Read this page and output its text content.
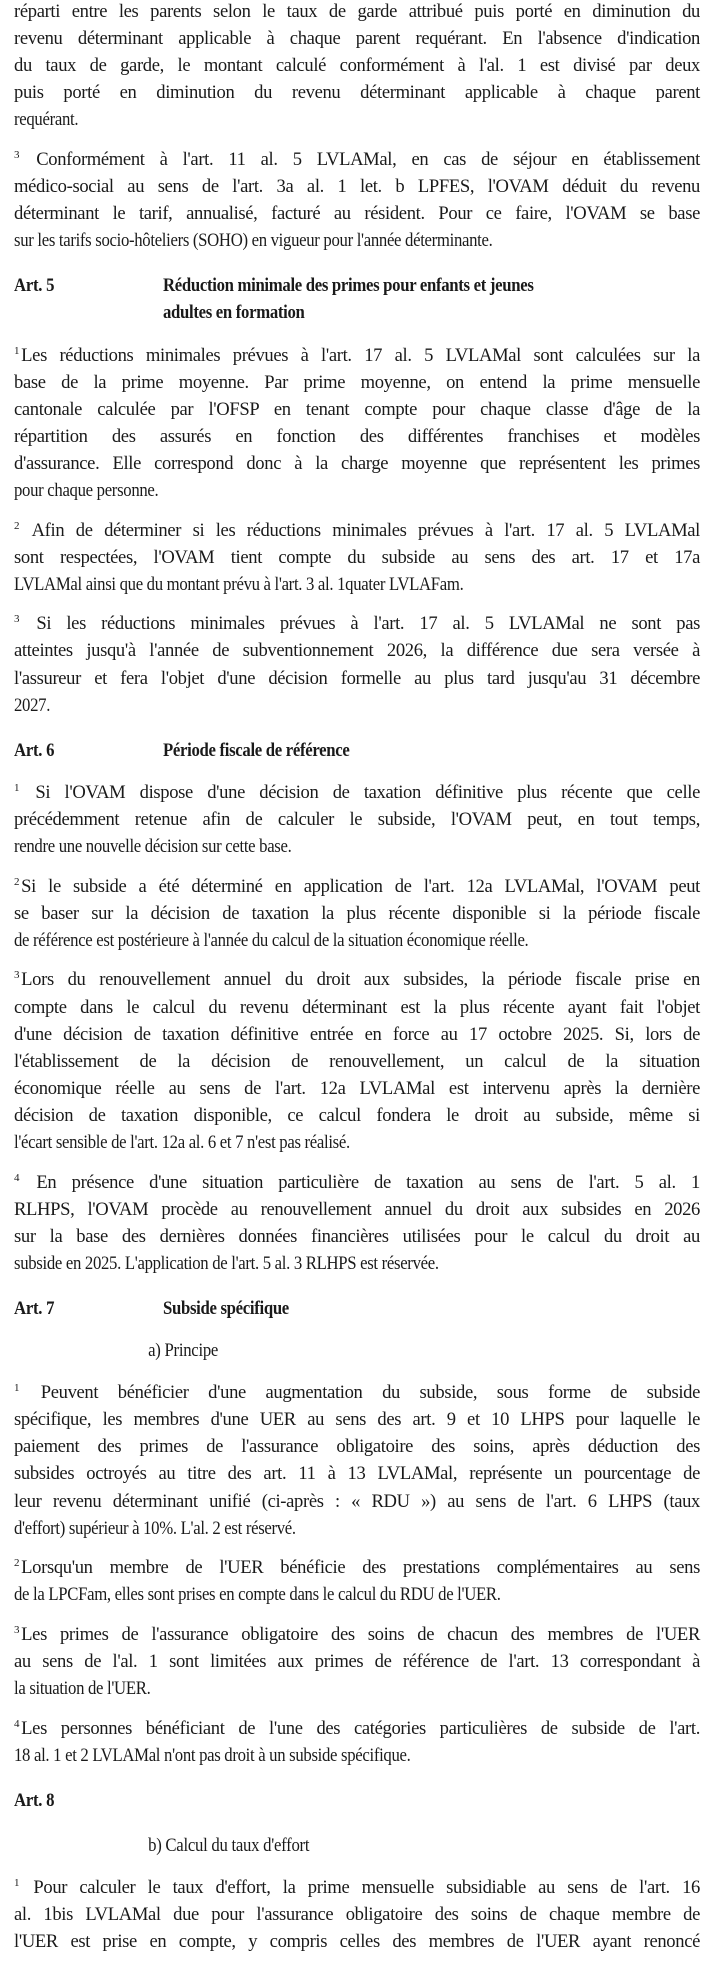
réparti entre les parents selon le taux de garde attribué puis porté en diminution du
revenu déterminant applicable à chaque parent requérant. En l'absence d'indication
du taux de garde, le montant calculé conformément à l'al. 1 est divisé par deux
puis porté en diminution du revenu déterminant applicable à chaque parent
requérant.
$^3$ Conformément à l'art. 11 al. 5 LVLAMal, en cas de séjour en établissement
médico-social au sens de l'art. 3a al. 1 let. b LPFES, l'OVAM déduit du revenu
déterminant le tarif, annualisé, facturé au résident. Pour ce faire, l'OVAM se base
sur les tarifs socio-hôteliers (SOHO) en vigueur pour l'année déterminante.
Art. 5	Réduction minimale des primes pour enfants et jeunes
adultes en formation
$^1$ Les réductions minimales prévues à l'art. 17 al. 5 LVLAMal sont calculées sur la
base de la prime moyenne. Par prime moyenne, on entend la prime mensuelle
cantonale calculée par l'OFSP en tenant compte pour chaque classe d'âge de la
répartition des assurés en fonction des différentes franchises et modèles
d'assurance. Elle correspond donc à la charge moyenne que représentent les primes
pour chaque personne.
$^2$ Afin de déterminer si les réductions minimales prévues à l'art. 17 al. 5 LVLAMal
sont respectées, l'OVAM tient compte du subside au sens des art. 17 et 17a
LVLAMal ainsi que du montant prévu à l'art. 3 al. 1quater LVLAFam.
$^3$ Si les réductions minimales prévues à l'art. 17 al. 5 LVLAMal ne sont pas
atteintes jusqu'à l'année de subventionnement 2026, la différence due sera versée à
l'assureur et fera l'objet d'une décision formelle au plus tard jusqu'au 31 décembre
2027.
Art. 6	Période fiscale de référence
$^1$ Si l'OVAM dispose d'une décision de taxation définitive plus récente que celle
précédemment retenue afin de calculer le subside, l'OVAM peut, en tout temps,
rendre une nouvelle décision sur cette base.
$^2$ Si le subside a été déterminé en application de l'art. 12a LVLAMal, l'OVAM peut
se baser sur la décision de taxation la plus récente disponible si la période fiscale
de référence est postérieure à l'année du calcul de la situation économique réelle.
$^3$ Lors du renouvellement annuel du droit aux subsides, la période fiscale prise en
compte dans le calcul du revenu déterminant est la plus récente ayant fait l'objet
d'une décision de taxation définitive entrée en force au 17 octobre 2025. Si, lors de
l'établissement de la décision de renouvellement, un calcul de la situation
économique réelle au sens de l'art. 12a LVLAMal est intervenu après la dernière
décision de taxation disponible, ce calcul fondera le droit au subside, même si
l'écart sensible de l'art. 12a al. 6 et 7 n'est pas réalisé.
$^4$ En présence d'une situation particulière de taxation au sens de l'art. 5 al. 1
RLHPS, l'OVAM procède au renouvellement annuel du droit aux subsides en 2026
sur la base des dernières données financières utilisées pour le calcul du droit au
subside en 2025. L'application de l'art. 5 al. 3 RLHPS est réservée.
Art. 7	Subside spécifique
a) Principe
$^1$ Peuvent bénéficier d'une augmentation du subside, sous forme de subside
spécifique, les membres d'une UER au sens des art. 9 et 10 LHPS pour laquelle le
paiement des primes de l'assurance obligatoire des soins, après déduction des
subsides octroyés au titre des art. 11 à 13 LVLAMal, représente un pourcentage de
leur revenu déterminant unifié (ci-après : « RDU ») au sens de l'art. 6 LHPS (taux
d'effort) supérieur à 10%. L'al. 2 est réservé.
$^2$ Lorsqu'un membre de l'UER bénéficie des prestations complémentaires au sens
de la LPCFam, elles sont prises en compte dans le calcul du RDU de l'UER.
$^3$ Les primes de l'assurance obligatoire des soins de chacun des membres de l'UER
au sens de l'al. 1 sont limitées aux primes de référence de l'art. 13 correspondant à
la situation de l'UER.
$^4$ Les personnes bénéficiant de l'une des catégories particulières de subside de l'art.
18 al. 1 et 2 LVLAMal n'ont pas droit à un subside spécifique.
Art. 8

b) Calcul du taux d'effort
$^1$ Pour calculer le taux d'effort, la prime mensuelle subsidiable au sens de l'art. 16
al. 1bis LVLAMal due pour l'assurance obligatoire des soins de chaque membre de
l'UER est prise en compte, y compris celles des membres de l'UER ayant renoncé
